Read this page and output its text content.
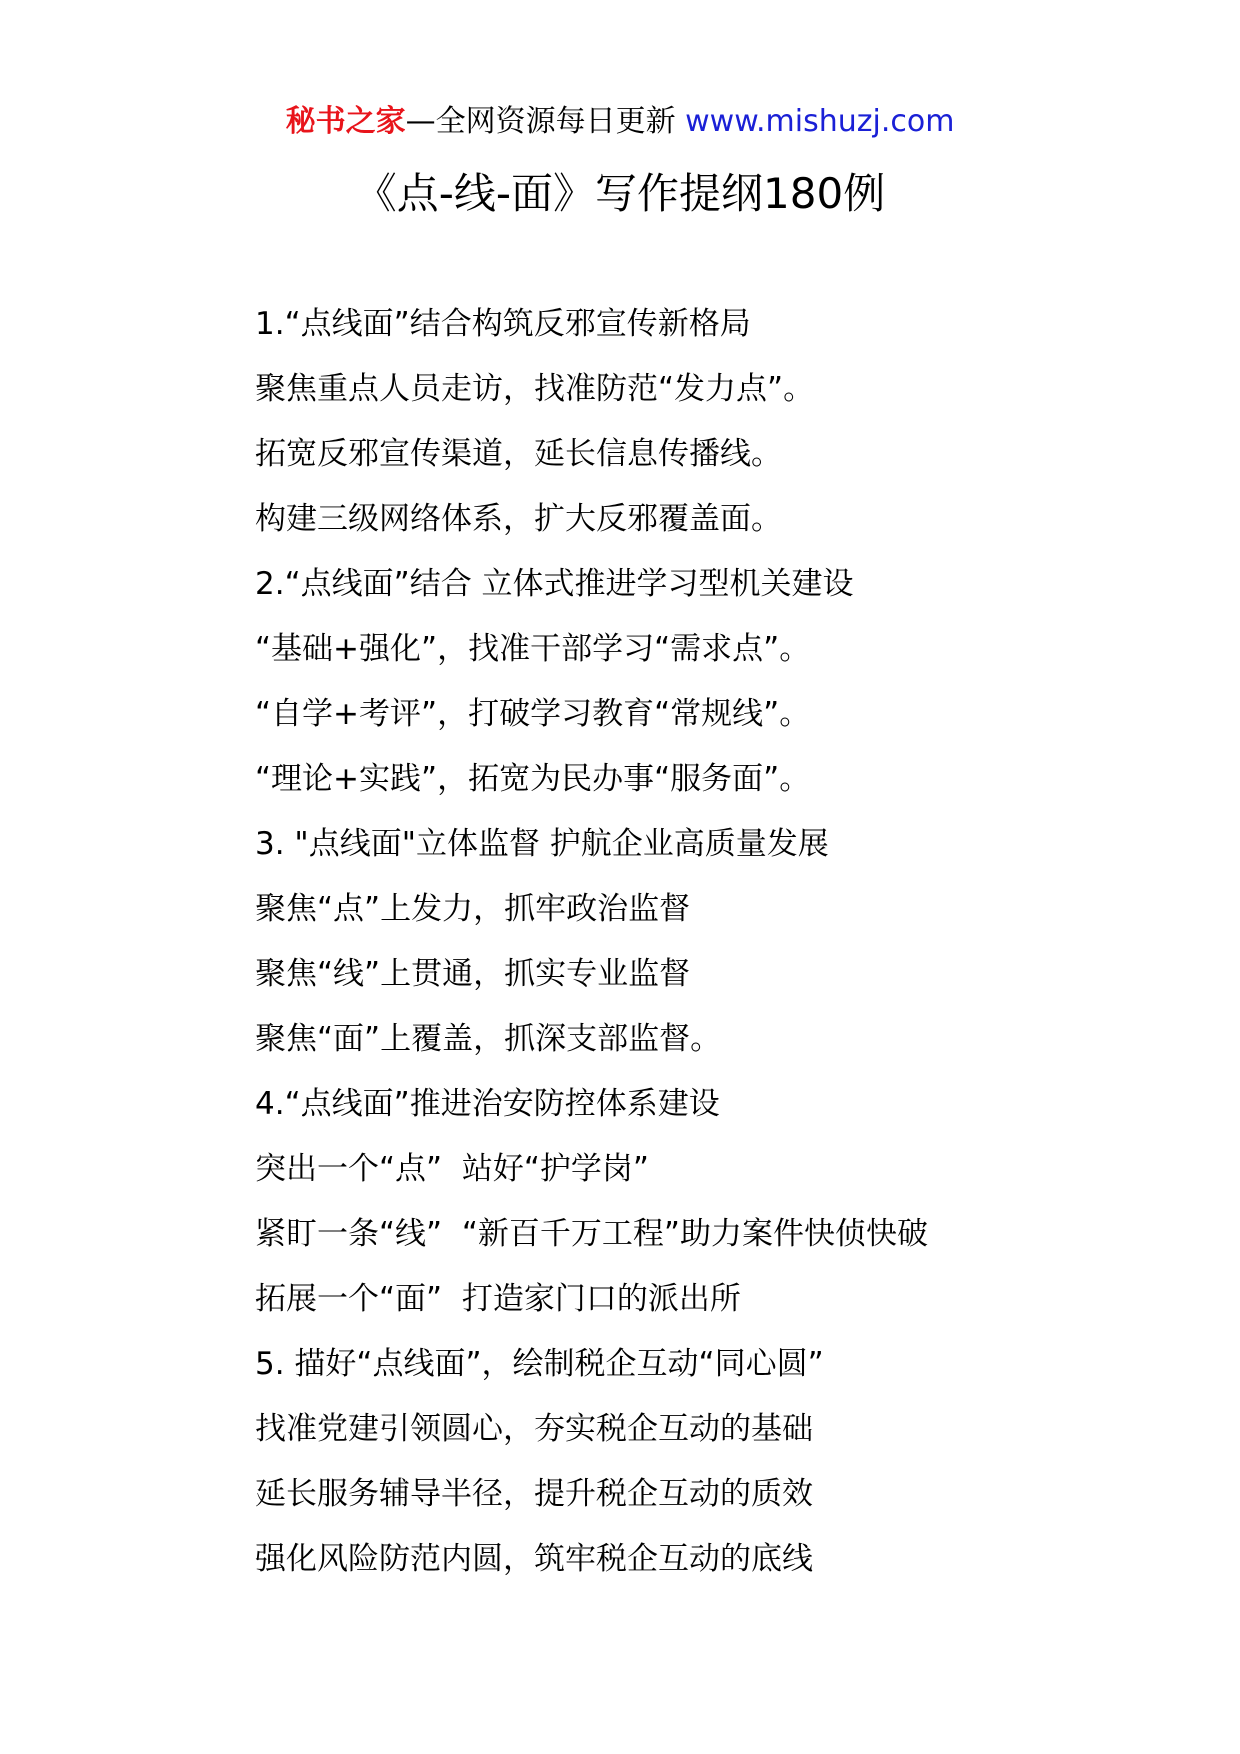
秘书之家—全网资源每日更新 www.mishuzj.com
《点-线-面》写作提纲180例
1.“点线面”结合构筑反邪宣传新格局
聚焦重点人员走访，找准防范“发力点”。
拓宽反邪宣传渠道，延长信息传播线。
构建三级网络体系，扩大反邪覆盖面。
2.“点线面”结合 立体式推进学习型机关建设
“基础+强化”，找准干部学习“需求点”。
“自学+考评”，打破学习教育“常规线”。
“理论+实践”，拓宽为民办事“服务面”。
3. "点线面"立体监督 护航企业高质量发展
聚焦“点”上发力，抓牢政治监督
聚焦“线”上贯通，抓实专业监督
聚焦“面”上覆盖，抓深支部监督。
4.“点线面”推进治安防控体系建设
突出一个“点”  站好“护学岗”
紧盯一条“线”  “新百千万工程”助力案件快侦快破
拓展一个“面”  打造家门口的派出所
5. 描好“点线面”，绘制税企互动“同心圆”
找准党建引领圆心，夯实税企互动的基础
延长服务辅导半径，提升税企互动的质效
强化风险防范内圆，筑牢税企互动的底线
